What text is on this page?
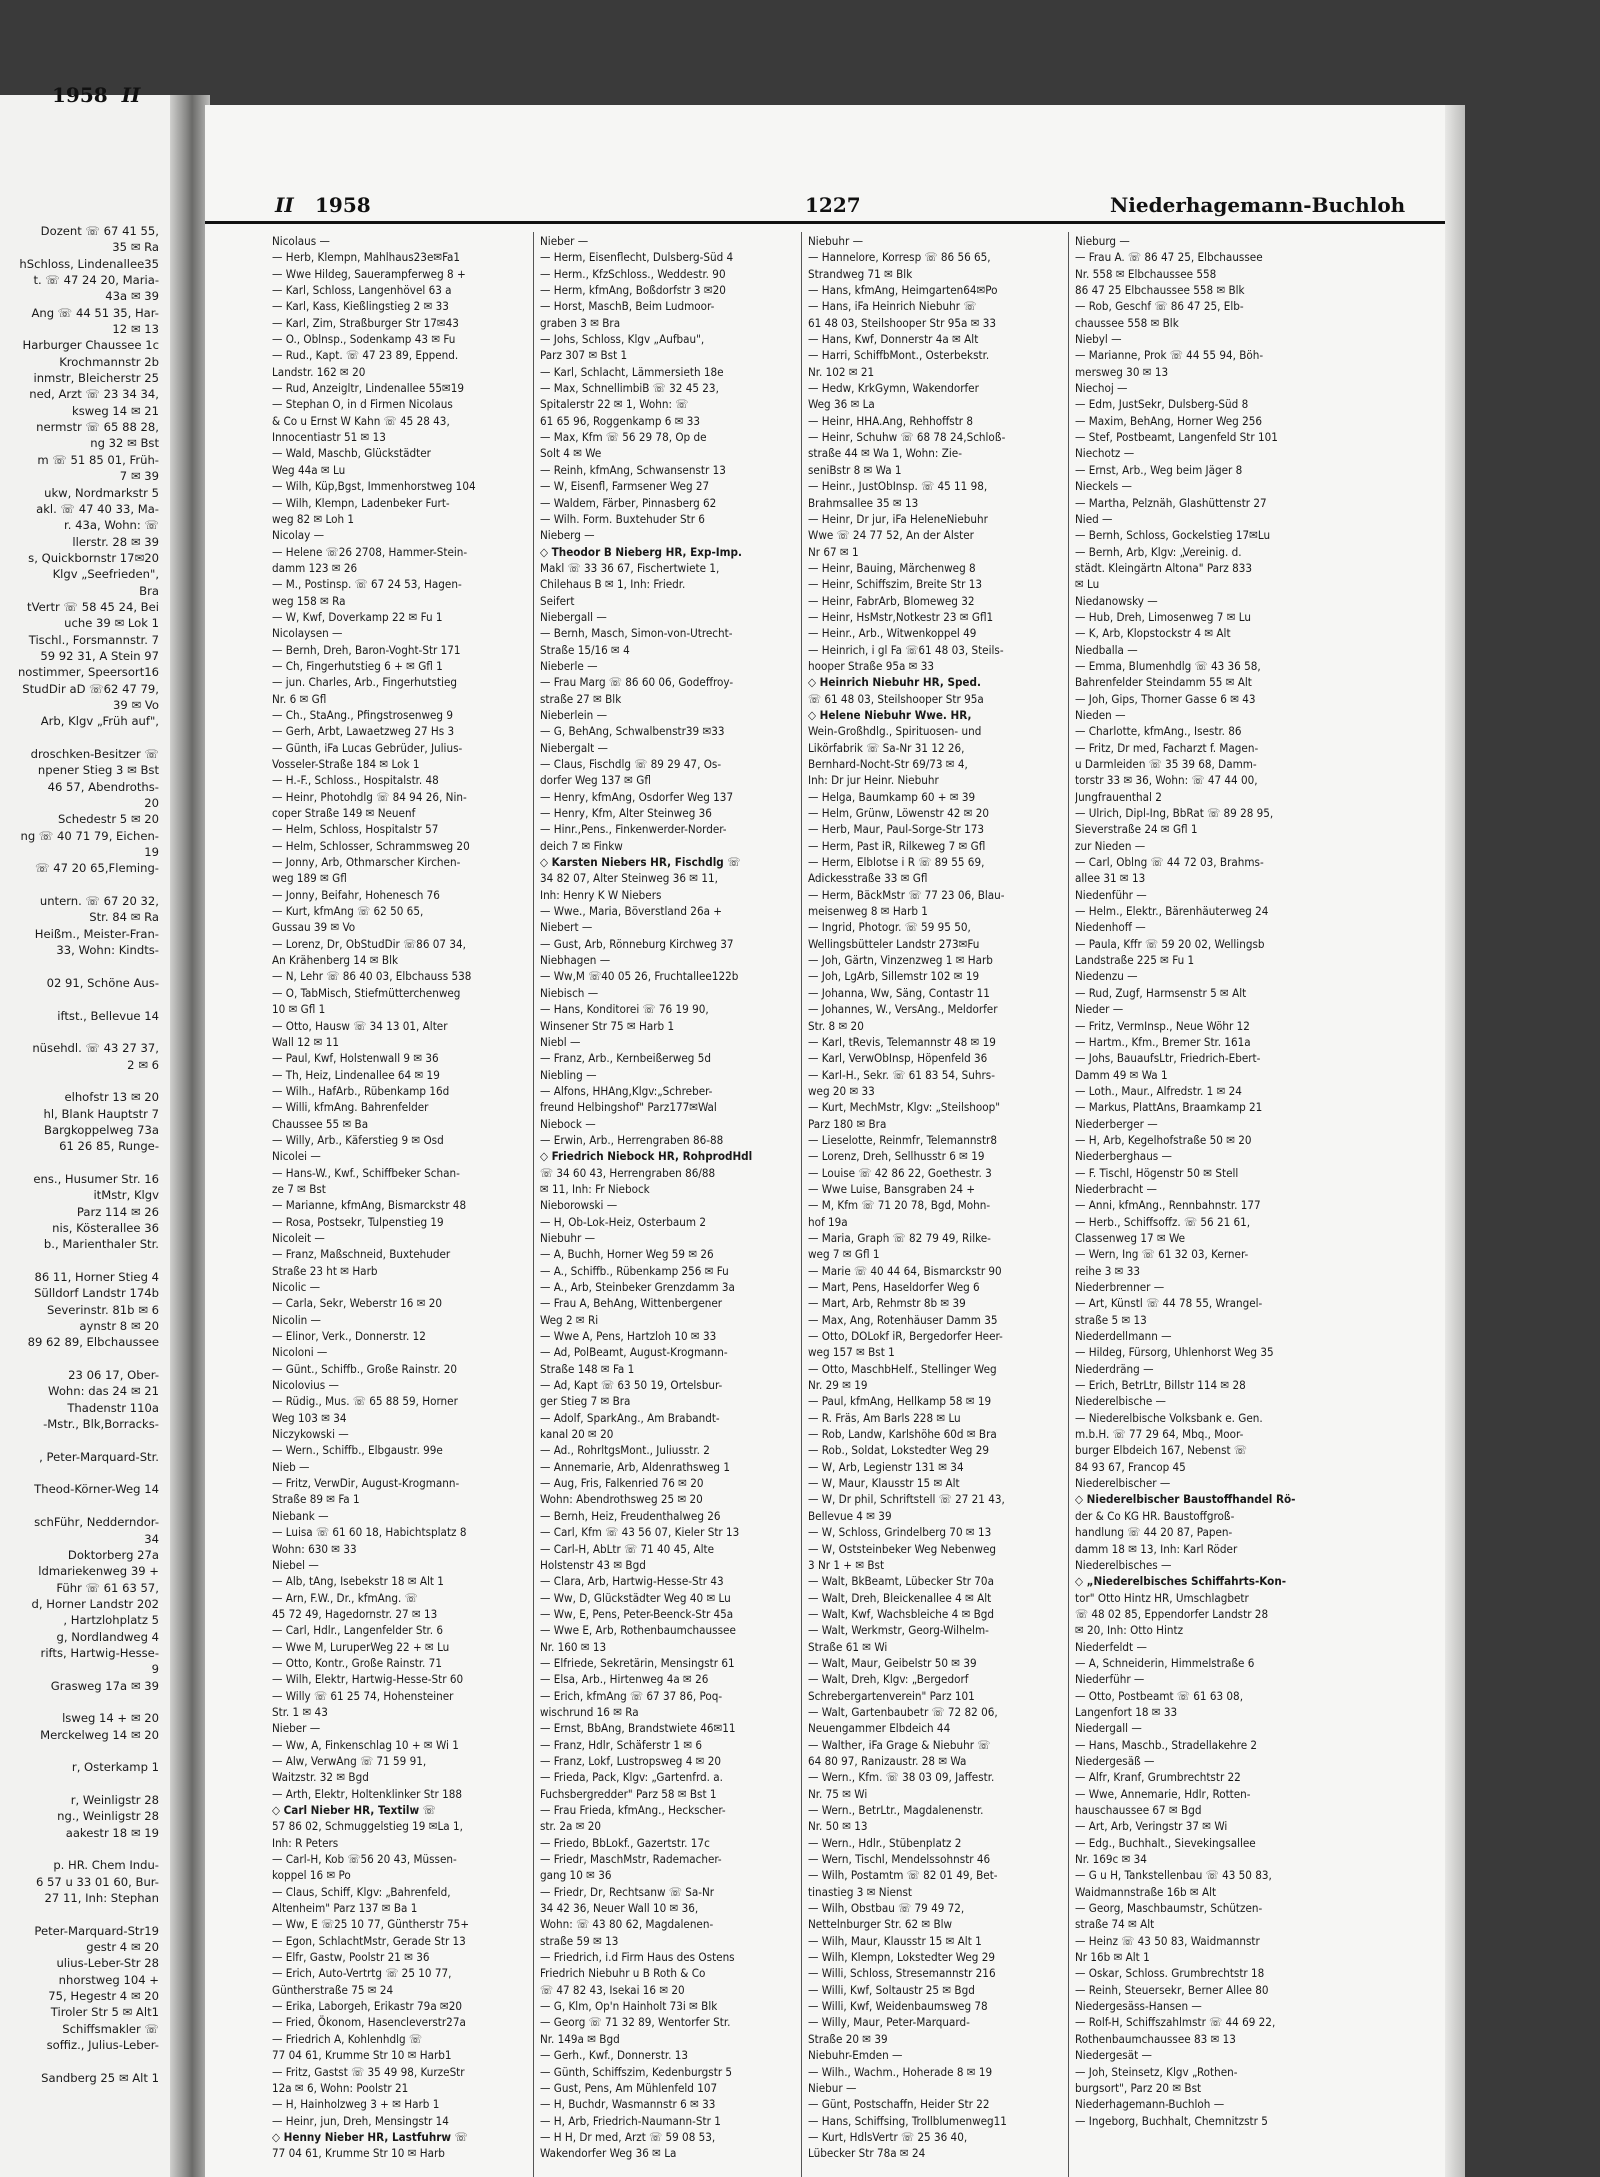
Dozent ☏ 67 41 55,
35 ✉ Ra
hSchloss, Lindenallee35
t. ☏ 47 24 20, Maria-
43a ✉ 39
Ang ☏ 44 51 35, Har-
12 ✉ 13
Harburger Chaussee 1c
Krochmannstr 2b
inmstr, Bleicherstr 25
ned, Arzt ☏ 23 34 34,
ksweg 14 ✉ 21
nermstr ☏ 65 88 28,
ng 32 ✉ Bst
m ☏ 51 85 01, Früh-
7 ✉ 39
ukw, Nordmarkstr 5
akl. ☏ 47 40 33, Ma-
r. 43a, Wohn: ☏
llerstr. 28 ✉ 39
s, Quickbornstr 17✉20
Klgv „Seefrieden",
Bra
tVertr ☏ 58 45 24, Bei
uche 39 ✉ Lok 1
Tischl., Forsmannstr. 7
59 92 31, A Stein 97
nostimmer, Speersort16
StudDir aD ☏62 47 79,
39 ✉ Vo
Arb, Klgv „Früh auf",

droschken-Besitzer ☏
npener Stieg 3 ✉ Bst
46 57, Abendroths-
20
Schedestr 5 ✉ 20
ng ☏ 40 71 79, Eichen-
19
☏ 47 20 65,Fleming-

untern. ☏ 67 20 32,
Str. 84 ✉ Ra
Heißm., Meister-Fran-
33, Wohn: Kindts-

02 91, Schöne Aus-

iftst., Bellevue 14

nüsehdl. ☏ 43 27 37,
2 ✉ 6

elhofstr 13 ✉ 20
hl, Blank Hauptstr 7
Bargkoppelweg 73a
61 26 85, Runge-

ens., Husumer Str. 16
itMstr, Klgv
Parz 114 ✉ 26
nis, Kösterallee 36
b., Marienthaler Str.

86 11, Horner Stieg 4
Sülldorf Landstr 174b
Severinstr. 81b ✉ 6
aynstr 8 ✉ 20
89 62 89, Elbchaussee

23 06 17, Ober-
Wohn: das 24 ✉ 21
Thadenstr 110a
-Mstr., Blk,Borracks-

, Peter-Marquard-Str.

Theod-Körner-Weg 14

schFühr, Nedderndor-
34
Doktorberg 27a
ldmariekenweg 39 +
Führ ☏ 61 63 57,
d, Horner Landstr 202
, Hartzlohplatz 5
g, Nordlandweg 4
rifts, Hartwig-Hesse-
9
Grasweg 17a ✉ 39

lsweg 14 + ✉ 20
Merckelweg 14 ✉ 20

r, Osterkamp 1

r, Weinligstr 28
ng., Weinligstr 28
aakestr 18 ✉ 19

p. HR. Chem Indu-
6 57 u 33 01 60, Bur-
27 11, Inh: Stephan

Peter-Marquard-Str19
gestr 4 ✉ 20
ulius-Leber-Str 28
nhorstweg 104 +
75, Hegestr 4 ✉ 20
Tiroler Str 5 ✉ Alt1
Schiffsmakler ☏
soffiz., Julius-Leber-

Sandberg 25 ✉ Alt 1
1958 II
II 1958	1227	Niederhagemann-Buchloh
Nicolaus —
— Herb, Klempn, Mahlhaus23e✉Fa1
— Wwe Hildeg, Sauerampferweg 8 +
— Karl, Schloss, Langenhövel 63 a
— Karl, Kass, Kießlingstieg 2 ✉ 33
— Karl, Zim, Straßburger Str 17✉43
— O., Oblnsp., Sodenkamp 43 ✉ Fu
— Rud., Kapt. ☏ 47 23 89, Eppend.
Landstr. 162 ✉ 20
— Rud, Anzeigltr, Lindenallee 55✉19
— Stephan O, in d Firmen Nicolaus
& Co u Ernst W Kahn ☏ 45 28 43,
Innocentiastr 51 ✉ 13
— Wald, Maschb, Glückstädter
Weg 44a ✉ Lu
— Wilh, Küp,Bgst, Immenhorstweg 104
— Wilh, Klempn, Ladenbeker Furt-
weg 82 ✉ Loh 1
Nicolay —
— Helene ☏26 2708, Hammer-Stein-
damm 123 ✉ 26
— M., Postinsp. ☏ 67 24 53, Hagen-
weg 158 ✉ Ra
— W, Kwf, Doverkamp 22 ✉ Fu 1
Nicolaysen —
— Bernh, Dreh, Baron-Voght-Str 171
— Ch, Fingerhutstieg 6 + ✉ Gfl 1
— jun. Charles, Arb., Fingerhutstieg
Nr. 6 ✉ Gfl
— Ch., StaAng., Pfingstrosenweg 9
— Gerh, Arbt, Lawaetzweg 27 Hs 3
— Günth, iFa Lucas Gebrüder, Julius-
Vosseler-Straße 184 ✉ Lok 1
— H.-F., Schloss., Hospitalstr. 48
— Heinr, Photohdlg ☏ 84 94 26, Nin-
coper Straße 149 ✉ Neuenf
— Helm, Schloss, Hospitalstr 57
— Helm, Schlosser, Schrammsweg 20
— Jonny, Arb, Othmarscher Kirchen-
weg 189 ✉ Gfl
— Jonny, Beifahr, Hohenesch 76
— Kurt, kfmAng ☏ 62 50 65,
Gussau 39 ✉ Vo
— Lorenz, Dr, ObStudDir ☏86 07 34,
An Krähenberg 14 ✉ Blk
— N, Lehr ☏ 86 40 03, Elbchauss 538
— O, TabMisch, Stiefmütterchenweg
10 ✉ Gfl 1
— Otto, Hausw ☏ 34 13 01, Alter
Wall 12 ✉ 11
— Paul, Kwf, Holstenwall 9 ✉ 36
— Th, Heiz, Lindenallee 64 ✉ 19
— Wilh., HafArb., Rübenkamp 16d
— Willi, kfmAng. Bahrenfelder
Chaussee 55 ✉ Ba
— Willy, Arb., Käferstieg 9 ✉ Osd
Nicolei —
— Hans-W., Kwf., Schiffbeker Schan-
ze 7 ✉ Bst
— Marianne, kfmAng, Bismarckstr 48
— Rosa, Postsekr, Tulpenstieg 19
Nicoleit —
— Franz, Maßschneid, Buxtehuder
Straße 23 ht ✉ Harb
Nicolic —
— Carla, Sekr, Weberstr 16 ✉ 20
Nicolin —
— Elinor, Verk., Donnerstr. 12
Nicoloni —
— Günt., Schiffb., Große Rainstr. 20
Nicolovius —
— Rüdig., Mus. ☏ 65 88 59, Horner
Weg 103 ✉ 34
Niczykowski —
— Wern., Schiffb., Elbgaustr. 99e
Nieb —
— Fritz, VerwDir, August-Krogmann-
Straße 89 ✉ Fa 1
Niebank —
— Luisa ☏ 61 60 18, Habichtsplatz 8
Wohn: 630 ✉ 33
Niebel —
— Alb, tAng, Isebekstr 18 ✉ Alt 1
— Arn, F.W., Dr., kfmAng. ☏
45 72 49, Hagedornstr. 27 ✉ 13
— Carl, Hdlr., Langenfelder Str. 6
— Wwe M, LuruperWeg 22 + ✉ Lu
— Otto, Kontr., Große Rainstr. 71
— Wilh, Elektr, Hartwig-Hesse-Str 60
— Willy ☏ 61 25 74, Hohensteiner
Str. 1 ✉ 43
Nieber —
— Ww, A, Finkenschlag 10 + ✉ Wi 1
— Alw, VerwAng ☏ 71 59 91,
Waitzstr. 32 ✉ Bgd
— Arth, Elektr, Holtenklinker Str 188
◇ Carl Nieber HR, Textilw ☏
57 86 02, Schmuggelstieg 19 ✉La 1,
Inh: R Peters
— Carl-H, Kob ☏56 20 43, Müssen-
koppel 16 ✉ Po
— Claus, Schiff, Klgv: „Bahrenfeld,
Altenheim" Parz 137 ✉ Ba 1
— Ww, E ☏25 10 77, Güntherstr 75+
— Egon, SchlachtMstr, Gerade Str 13
— Elfr, Gastw, Poolstr 21 ✉ 36
— Erich, Auto-Vertrtg ☏ 25 10 77,
Güntherstraße 75 ✉ 24
— Erika, Laborgeh, Erikastr 79a ✉20
— Fried, Ökonom, Hasencleverstr27a
— Friedrich A, Kohlenhdlg ☏
77 04 61, Krumme Str 10 ✉ Harb1
— Fritz, Gastst ☏ 35 49 98, KurzeStr
12a ✉ 6, Wohn: Poolstr 21
— H, Hainholzweg 3 + ✉ Harb 1
— Heinr, jun, Dreh, Mensingstr 14
◇ Henny Nieber HR, Lastfuhrw ☏
77 04 61, Krumme Str 10 ✉ Harb
Nieber —
— Herm, Eisenflecht, Dulsberg-Süd 4
— Herm., KfzSchloss., Weddestr. 90
— Herm, kfmAng, Boßdorfstr 3 ✉20
— Horst, MaschB, Beim Ludmoor-
graben 3 ✉ Bra
— Johs, Schloss, Klgv „Aufbau",
Parz 307 ✉ Bst 1
— Karl, Schlacht, Lämmersieth 18e
— Max, SchnellimbiB ☏ 32 45 23,
Spitalerstr 22 ✉ 1, Wohn: ☏
61 65 96, Roggenkamp 6 ✉ 33
— Max, Kfm ☏ 56 29 78, Op de
Solt 4 ✉ We
— Reinh, kfmAng, Schwansenstr 13
— W, Eisenfl, Farmsener Weg 27
— Waldem, Färber, Pinnasberg 62
— Wilh. Form. Buxtehuder Str 6
Nieberg —
◇ Theodor B Nieberg HR, Exp-Imp.
Makl ☏ 33 36 67, Fischertwiete 1,
Chilehaus B ✉ 1, Inh: Friedr.
Seifert
Niebergall —
— Bernh, Masch, Simon-von-Utrecht-
Straße 15/16 ✉ 4
Nieberle —
— Frau Marg ☏ 86 60 06, Godeffroy-
straße 27 ✉ Blk
Nieberlein —
— G, BehAng, Schwalbenstr39 ✉33
Niebergalt —
— Claus, Fischdlg ☏ 89 29 47, Os-
dorfer Weg 137 ✉ Gfl
— Henry, kfmAng, Osdorfer Weg 137
— Henry, Kfm, Alter Steinweg 36
— Hinr.,Pens., Finkenwerder-Norder-
deich 7 ✉ Finkw
◇ Karsten Niebers HR, Fischdlg ☏
34 82 07, Alter Steinweg 36 ✉ 11,
Inh: Henry K W Niebers
— Wwe., Maria, Böverstland 26a +
Niebert —
— Gust, Arb, Rönneburg Kirchweg 37
Niebhagen —
— Ww,M ☏40 05 26, Fruchtallee122b
Niebisch —
— Hans, Konditorei ☏ 76 19 90,
Winsener Str 75 ✉ Harb 1
Niebl —
— Franz, Arb., Kernbeißerweg 5d
Niebling —
— Alfons, HHAng,Klgv:„Schreber-
freund Helbingshof" Parz177✉Wal
Niebock —
— Erwin, Arb., Herrengraben 86-88
◇ Friedrich Niebock HR, RohprodHdl
☏ 34 60 43, Herrengraben 86/88
✉ 11, Inh: Fr Niebock
Nieborowski —
— H, Ob-Lok-Heiz, Osterbaum 2
Niebuhr —
— A, Buchh, Horner Weg 59 ✉ 26
— A., Schiffb., Rübenkamp 256 ✉ Fu
— A., Arb, Steinbeker Grenzdamm 3a
— Frau A, BehAng, Wittenbergener
Weg 2 ✉ Ri
— Wwe A, Pens, Hartzloh 10 ✉ 33
— Ad, PolBeamt, August-Krogmann-
Straße 148 ✉ Fa 1
— Ad, Kapt ☏ 63 50 19, Ortelsbur-
ger Stieg 7 ✉ Bra
— Adolf, SparkAng., Am Brabandt-
kanal 20 ✉ 20
— Ad., RohrltgsMont., Juliusstr. 2
— Annemarie, Arb, Aldenrathsweg 1
— Aug, Fris, Falkenried 76 ✉ 20
Wohn: Abendrothsweg 25 ✉ 20
— Bernh, Heiz, Freudenthalweg 26
— Carl, Kfm ☏ 43 56 07, Kieler Str 13
— Carl-H, AbLtr ☏ 71 40 45, Alte
Holstenstr 43 ✉ Bgd
— Clara, Arb, Hartwig-Hesse-Str 43
— Ww, D, Glückstädter Weg 40 ✉ Lu
— Ww, E, Pens, Peter-Beenck-Str 45a
— Wwe E, Arb, Rothenbaumchaussee
Nr. 160 ✉ 13
— Elfriede, Sekretärin, Mensingstr 61
— Elsa, Arb., Hirtenweg 4a ✉ 26
— Erich, kfmAng ☏ 67 37 86, Poq-
wischrund 16 ✉ Ra
— Ernst, BbAng, Brandstwiete 46✉11
— Franz, Hdlr, Schäferstr 1 ✉ 6
— Franz, Lokf, Lustropsweg 4 ✉ 20
— Frieda, Pack, Klgv: „Gartenfrd. a.
Fuchsbergredder" Parz 58 ✉ Bst 1
— Frau Frieda, kfmAng., Heckscher-
str. 2a ✉ 20
— Friedo, BbLokf., Gazertstr. 17c
— Friedr, MaschMstr, Rademacher-
gang 10 ✉ 36
— Friedr, Dr, Rechtsanw ☏ Sa-Nr
34 42 36, Neuer Wall 10 ✉ 36,
Wohn: ☏ 43 80 62, Magdalenen-
straße 59 ✉ 13
— Friedrich, i.d Firm Haus des Ostens
Friedrich Niebuhr u B Roth & Co
☏ 47 82 43, Isekai 16 ✉ 20
— G, Klm, Op'n Hainholt 73i ✉ Blk
— Georg ☏ 71 32 89, Wentorfer Str.
Nr. 149a ✉ Bgd
— Gerh., Kwf., Donnerstr. 13
— Günth, Schiffszim, Kedenburgstr 5
— Gust, Pens, Am Mühlenfeld 107
— H, Buchdr, Wasmannstr 6 ✉ 33
— H, Arb, Friedrich-Naumann-Str 1
— H H, Dr med, Arzt ☏ 59 08 53,
Wakendorfer Weg 36 ✉ La
Niebuhr —
— Hannelore, Korresp ☏ 86 56 65,
Strandweg 71 ✉ Blk
— Hans, kfmAng, Heimgarten64✉Po
— Hans, iFa Heinrich Niebuhr ☏
61 48 03, Steilshooper Str 95a ✉ 33
— Hans, Kwf, Donnerstr 4a ✉ Alt
— Harri, SchiffbMont., Osterbekstr.
Nr. 102 ✉ 21
— Hedw, KrkGymn, Wakendorfer
Weg 36 ✉ La
— Heinr, HHA.Ang, Rehhoffstr 8
— Heinr, Schuhw ☏ 68 78 24,Schloß-
straße 44 ✉ Wa 1, Wohn: Zie-
seniBstr 8 ✉ Wa 1
— Heinr., JustObInsp. ☏ 45 11 98,
Brahmsallee 35 ✉ 13
— Heinr, Dr jur, iFa HeleneNiebuhr
Wwe ☏ 24 77 52, An der Alster
Nr 67 ✉ 1
— Heinr, Bauing, Märchenweg 8
— Heinr, Schiffszim, Breite Str 13
— Heinr, FabrArb, Blomeweg 32
— Heinr, HsMstr,Notkestr 23 ✉ Gfl1
— Heinr., Arb., Witwenkoppel 49
— Heinrich, i gl Fa ☏61 48 03, Steils-
hooper Straße 95a ✉ 33
◇ Heinrich Niebuhr HR, Sped.
☏ 61 48 03, Steilshooper Str 95a
◇ Helene Niebuhr Wwe. HR,
Wein-Großhdlg., Spirituosen- und
Likörfabrik ☏ Sa-Nr 31 12 26,
Bernhard-Nocht-Str 69/73 ✉ 4,
Inh: Dr jur Heinr. Niebuhr
— Helga, Baumkamp 60 + ✉ 39
— Helm, Grünw, Löwenstr 42 ✉ 20
— Herb, Maur, Paul-Sorge-Str 173
— Herm, Past iR, Rilkeweg 7 ✉ Gfl
— Herm, Elblotse i R ☏ 89 55 69,
Adickesstraße 33 ✉ Gfl
— Herm, BäckMstr ☏ 77 23 06, Blau-
meisenweg 8 ✉ Harb 1
— Ingrid, Photogr. ☏ 59 95 50,
Wellingsbütteler Landstr 273✉Fu
— Joh, Gärtn, Vinzenzweg 1 ✉ Harb
— Joh, LgArb, Sillemstr 102 ✉ 19
— Johanna, Ww, Säng, Contastr 11
— Johannes, W., VersAng., Meldorfer
Str. 8 ✉ 20
— Karl, tRevis, Telemannstr 48 ✉ 19
— Karl, VerwObInsp, Höpenfeld 36
— Karl-H., Sekr. ☏ 61 83 54, Suhrs-
weg 20 ✉ 33
— Kurt, MechMstr, Klgv: „Steilshoop"
Parz 180 ✉ Bra
— Lieselotte, Reinmfr, Telemannstr8
— Lorenz, Dreh, Sellhusstr 6 ✉ 19
— Louise ☏ 42 86 22, Goethestr. 3
— Wwe Luise, Bansgraben 24 +
— M, Kfm ☏ 71 20 78, Bgd, Mohn-
hof 19a
— Maria, Graph ☏ 82 79 49, Rilke-
weg 7 ✉ Gfl 1
— Marie ☏ 40 44 64, Bismarckstr 90
— Mart, Pens, Haseldorfer Weg 6
— Mart, Arb, Rehmstr 8b ✉ 39
— Max, Ang, Rotenhäuser Damm 35
— Otto, DOLokf iR, Bergedorfer Heer-
weg 157 ✉ Bst 1
— Otto, MaschbHelf., Stellinger Weg
Nr. 29 ✉ 19
— Paul, kfmAng, Hellkamp 58 ✉ 19
— R. Fräs, Am Barls 228 ✉ Lu
— Rob, Landw, Karlshöhe 60d ✉ Bra
— Rob., Soldat, Lokstedter Weg 29
— W, Arb, Legienstr 131 ✉ 34
— W, Maur, Klausstr 15 ✉ Alt
— W, Dr phil, Schriftstell ☏ 27 21 43,
Bellevue 4 ✉ 39
— W, Schloss, Grindelberg 70 ✉ 13
— W, Oststeinbeker Weg Nebenweg
3 Nr 1 + ✉ Bst
— Walt, BkBeamt, Lübecker Str 70a
— Walt, Dreh, Bleickenallee 4 ✉ Alt
— Walt, Kwf, Wachsbleiche 4 ✉ Bgd
— Walt, Werkmstr, Georg-Wilhelm-
Straße 61 ✉ Wi
— Walt, Maur, Geibelstr 50 ✉ 39
— Walt, Dreh, Klgv: „Bergedorf
Schrebergartenverein" Parz 101
— Walt, Gartenbaubetr ☏ 72 82 06,
Neuengammer Elbdeich 44
— Walther, iFa Grage & Niebuhr ☏
64 80 97, Ranizaustr. 28 ✉ Wa
— Wern., Kfm. ☏ 38 03 09, Jaffestr.
Nr. 75 ✉ Wi
— Wern., BetrLtr., Magdalenenstr.
Nr. 50 ✉ 13
— Wern., Hdlr., Stübenplatz 2
— Wern, Tischl, Mendelssohnstr 46
— Wilh, Postamtm ☏ 82 01 49, Bet-
tinastieg 3 ✉ Nienst
— Wilh, Obstbau ☏ 79 49 72,
Nettelnburger Str. 62 ✉ Blw
— Wilh, Maur, Klausstr 15 ✉ Alt 1
— Wilh, Klempn, Lokstedter Weg 29
— Willi, Schloss, Stresemannstr 216
— Willi, Kwf, Soltaustr 25 ✉ Bgd
— Willi, Kwf, Weidenbaumsweg 78
— Willy, Maur, Peter-Marquard-
Straße 20 ✉ 39
Niebuhr-Emden —
— Wilh., Wachm., Hoherade 8 ✉ 19
Niebur —
— Günt, Postschaffn, Heider Str 22
— Hans, Schiffsing, Trollblumenweg11
— Kurt, HdlsVertr ☏ 25 36 40,
Lübecker Str 78a ✉ 24
Nieburg —
— Frau A. ☏ 86 47 25, Elbchaussee
Nr. 558 ✉ Elbchaussee 558
86 47 25 Elbchaussee 558 ✉ Blk
— Rob, Geschf ☏ 86 47 25, Elb-
chaussee 558 ✉ Blk
Niebyl —
— Marianne, Prok ☏ 44 55 94, Böh-
mersweg 30 ✉ 13
Niechoj —
— Edm, JustSekr, Dulsberg-Süd 8
— Maxim, BehAng, Horner Weg 256
— Stef, Postbeamt, Langenfeld Str 101
Niechotz —
— Ernst, Arb., Weg beim Jäger 8
Nieckels —
— Martha, Pelznäh, Glashüttenstr 27
Nied —
— Bernh, Schloss, Gockelstieg 17✉Lu
— Bernh, Arb, Klgv: „Vereinig. d.
städt. Kleingärtn Altona" Parz 833
✉ Lu
Niedanowsky —
— Hub, Dreh, Limosenweg 7 ✉ Lu
— K, Arb, Klopstockstr 4 ✉ Alt
Niedballa —
— Emma, Blumenhdlg ☏ 43 36 58,
Bahrenfelder Steindamm 55 ✉ Alt
— Joh, Gips, Thorner Gasse 6 ✉ 43
Nieden —
— Charlotte, kfmAng., Isestr. 86
— Fritz, Dr med, Facharzt f. Magen-
u Darmleiden ☏ 35 39 68, Damm-
torstr 33 ✉ 36, Wohn: ☏ 47 44 00,
Jungfrauenthal 2
— Ulrich, Dipl-Ing, BbRat ☏ 89 28 95,
Sieverstraße 24 ✉ Gfl 1
zur Nieden —
— Carl, Oblng ☏ 44 72 03, Brahms-
allee 31 ✉ 13
Niedenführ —
— Helm., Elektr., Bärenhäuterweg 24
Niedenhoff —
— Paula, Kffr ☏ 59 20 02, Wellingsb
Landstraße 225 ✉ Fu 1
Niedenzu —
— Rud, Zugf, Harmsenstr 5 ✉ Alt
Nieder —
— Fritz, VermInsp., Neue Wöhr 12
— Hartm., Kfm., Bremer Str. 161a
— Johs, BauaufsLtr, Friedrich-Ebert-
Damm 49 ✉ Wa 1
— Loth., Maur., Alfredstr. 1 ✉ 24
— Markus, PlattAns, Braamkamp 21
Niederberger —
— H, Arb, Kegelhofstraße 50 ✉ 20
Niederberghaus —
— F. Tischl, Högenstr 50 ✉ Stell
Niederbracht —
— Anni, kfmAng., Rennbahnstr. 177
— Herb., Schiffsoffz. ☏ 56 21 61,
Classenweg 17 ✉ We
— Wern, Ing ☏ 61 32 03, Kerner-
reihe 3 ✉ 33
Niederbrenner —
— Art, Künstl ☏ 44 78 55, Wrangel-
straße 5 ✉ 13
Niederdellmann —
— Hildeg, Fürsorg, Uhlenhorst Weg 35
Niederdräng —
— Erich, BetrLtr, Billstr 114 ✉ 28
Niederelbische —
— Niederelbische Volksbank e. Gen.
m.b.H. ☏ 77 29 64, Mbq., Moor-
burger Elbdeich 167, Nebenst ☏
84 93 67, Francop 45
Niederelbischer —
◇ Niederelbischer Baustoffhandel Rö-
der & Co KG HR. Baustoffgroß-
handlung ☏ 44 20 87, Papen-
damm 18 ✉ 13, Inh: Karl Röder
Niederelbisches —
◇ „Niederelbisches Schiffahrts-Kon-
tor" Otto Hintz HR, Umschlagbetr
☏ 48 02 85, Eppendorfer Landstr 28
✉ 20, Inh: Otto Hintz
Niederfeldt —
— A, Schneiderin, Himmelstraße 6
Niederführ —
— Otto, Postbeamt ☏ 61 63 08,
Langenfort 18 ✉ 33
Niedergall —
— Hans, Maschb., Stradellakehre 2
Niedergesäß —
— Alfr, Kranf, Grumbrechtstr 22
— Wwe, Annemarie, Hdlr, Rotten-
hauschaussee 67 ✉ Bgd
— Art, Arb, Veringstr 37 ✉ Wi
— Edg., Buchhalt., Sievekingsallee
Nr. 169c ✉ 34
— G u H, Tankstellenbau ☏ 43 50 83,
Waidmannstraße 16b ✉ Alt
— Georg, Maschbaumstr, Schützen-
straße 74 ✉ Alt
— Heinz ☏ 43 50 83, Waidmannstr
Nr 16b ✉ Alt 1
— Oskar, Schloss. Grumbrechtstr 18
— Reinh, Steuersekr, Berner Allee 80
Niedergesäss-Hansen —
— Rolf-H, Schiffszahlmstr ☏ 44 69 22,
Rothenbaumchaussee 83 ✉ 13
Niedergesät —
— Joh, Steinsetz, Klgv „Rothen-
burgsort", Parz 20 ✉ Bst
Niederhagemann-Buchloh —
— Ingeborg, Buchhalt, Chemnitzstr 5
